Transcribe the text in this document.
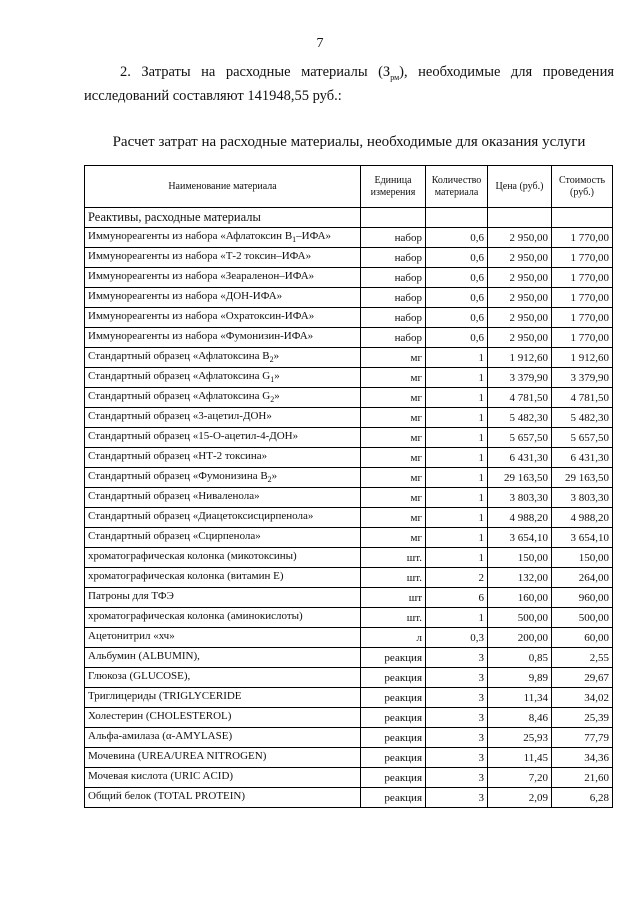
7
2. Затраты на расходные материалы $(З_{рм})$, необходимые для проведения исследований составляют 141948,55 руб.:
Расчет затрат на расходные материалы, необходимые для оказания услуги
Наименование материала	Единица измерения	Количество материала	Цена (руб.)	Стоимость (руб.)
Реактивы, расходные материалы				
Иммунореагенты из набора «Афлатоксин $В_1$–ИФА»	набор	0,6	2 950,00	1 770,00
Иммунореагенты из набора «Т-2 токсин–ИФА»	набор	0,6	2 950,00	1 770,00
Иммунореагенты из набора «Зеараленон–ИФА»	набор	0,6	2 950,00	1 770,00
Иммунореагенты из набора «ДОН-ИФА»	набор	0,6	2 950,00	1 770,00
Иммунореагенты из набора «Охратоксин-ИФА»	набор	0,6	2 950,00	1 770,00
Иммунореагенты из набора «Фумонизин-ИФА»	набор	0,6	2 950,00	1 770,00
Стандартный образец «Афлатоксина $В_2$»	мг	1	1 912,60	1 912,60
Стандартный образец «Афлатоксина $G_1$»	мг	1	3 379,90	3 379,90
Стандартный образец «Афлатоксина $G_2$»	мг	1	4 781,50	4 781,50
Стандартный образец «3-ацетил-ДОН»	мг	1	5 482,30	5 482,30
Стандартный образец «15-О-ацетил-4-ДОН»	мг	1	5 657,50	5 657,50
Стандартный образец «НТ-2 токсина»	мг	1	6 431,30	6 431,30
Стандартный образец «Фумонизина $В_2$»	мг	1	29 163,50	29 163,50
Стандартный образец «Ниваленола»	мг	1	3 803,30	3 803,30
Стандартный образец «Диацетоксисцирпенола»	мг	1	4 988,20	4 988,20
Стандартный образец «Сцирпенола»	мг	1	3 654,10	3 654,10
хроматографическая колонка (микотоксины)	шт.	1	150,00	150,00
хроматографическая колонка (витамин Е)	шт.	2	132,00	264,00
Патроны для ТФЭ	шт	6	160,00	960,00
хроматографическая колонка (аминокислоты)	шт.	1	500,00	500,00
Ацетонитрил «хч»	л	0,3	200,00	60,00
Альбумин (ALBUMIN),	реакция	3	0,85	2,55
Глюкоза (GLUCOSE),	реакция	3	9,89	29,67
Триглицериды (TRIGLYCERIDE	реакция	3	11,34	34,02
Холестерин (CHOLESTEROL)	реакция	3	8,46	25,39
Альфа-амилаза (α-AMYLASE)	реакция	3	25,93	77,79
Мочевина (UREA/UREA NITROGEN)	реакция	3	11,45	34,36
Мочевая кислота (URIC ACID)	реакция	3	7,20	21,60
Общий белок (TOTAL PROTEIN)	реакция	3	2,09	6,28
